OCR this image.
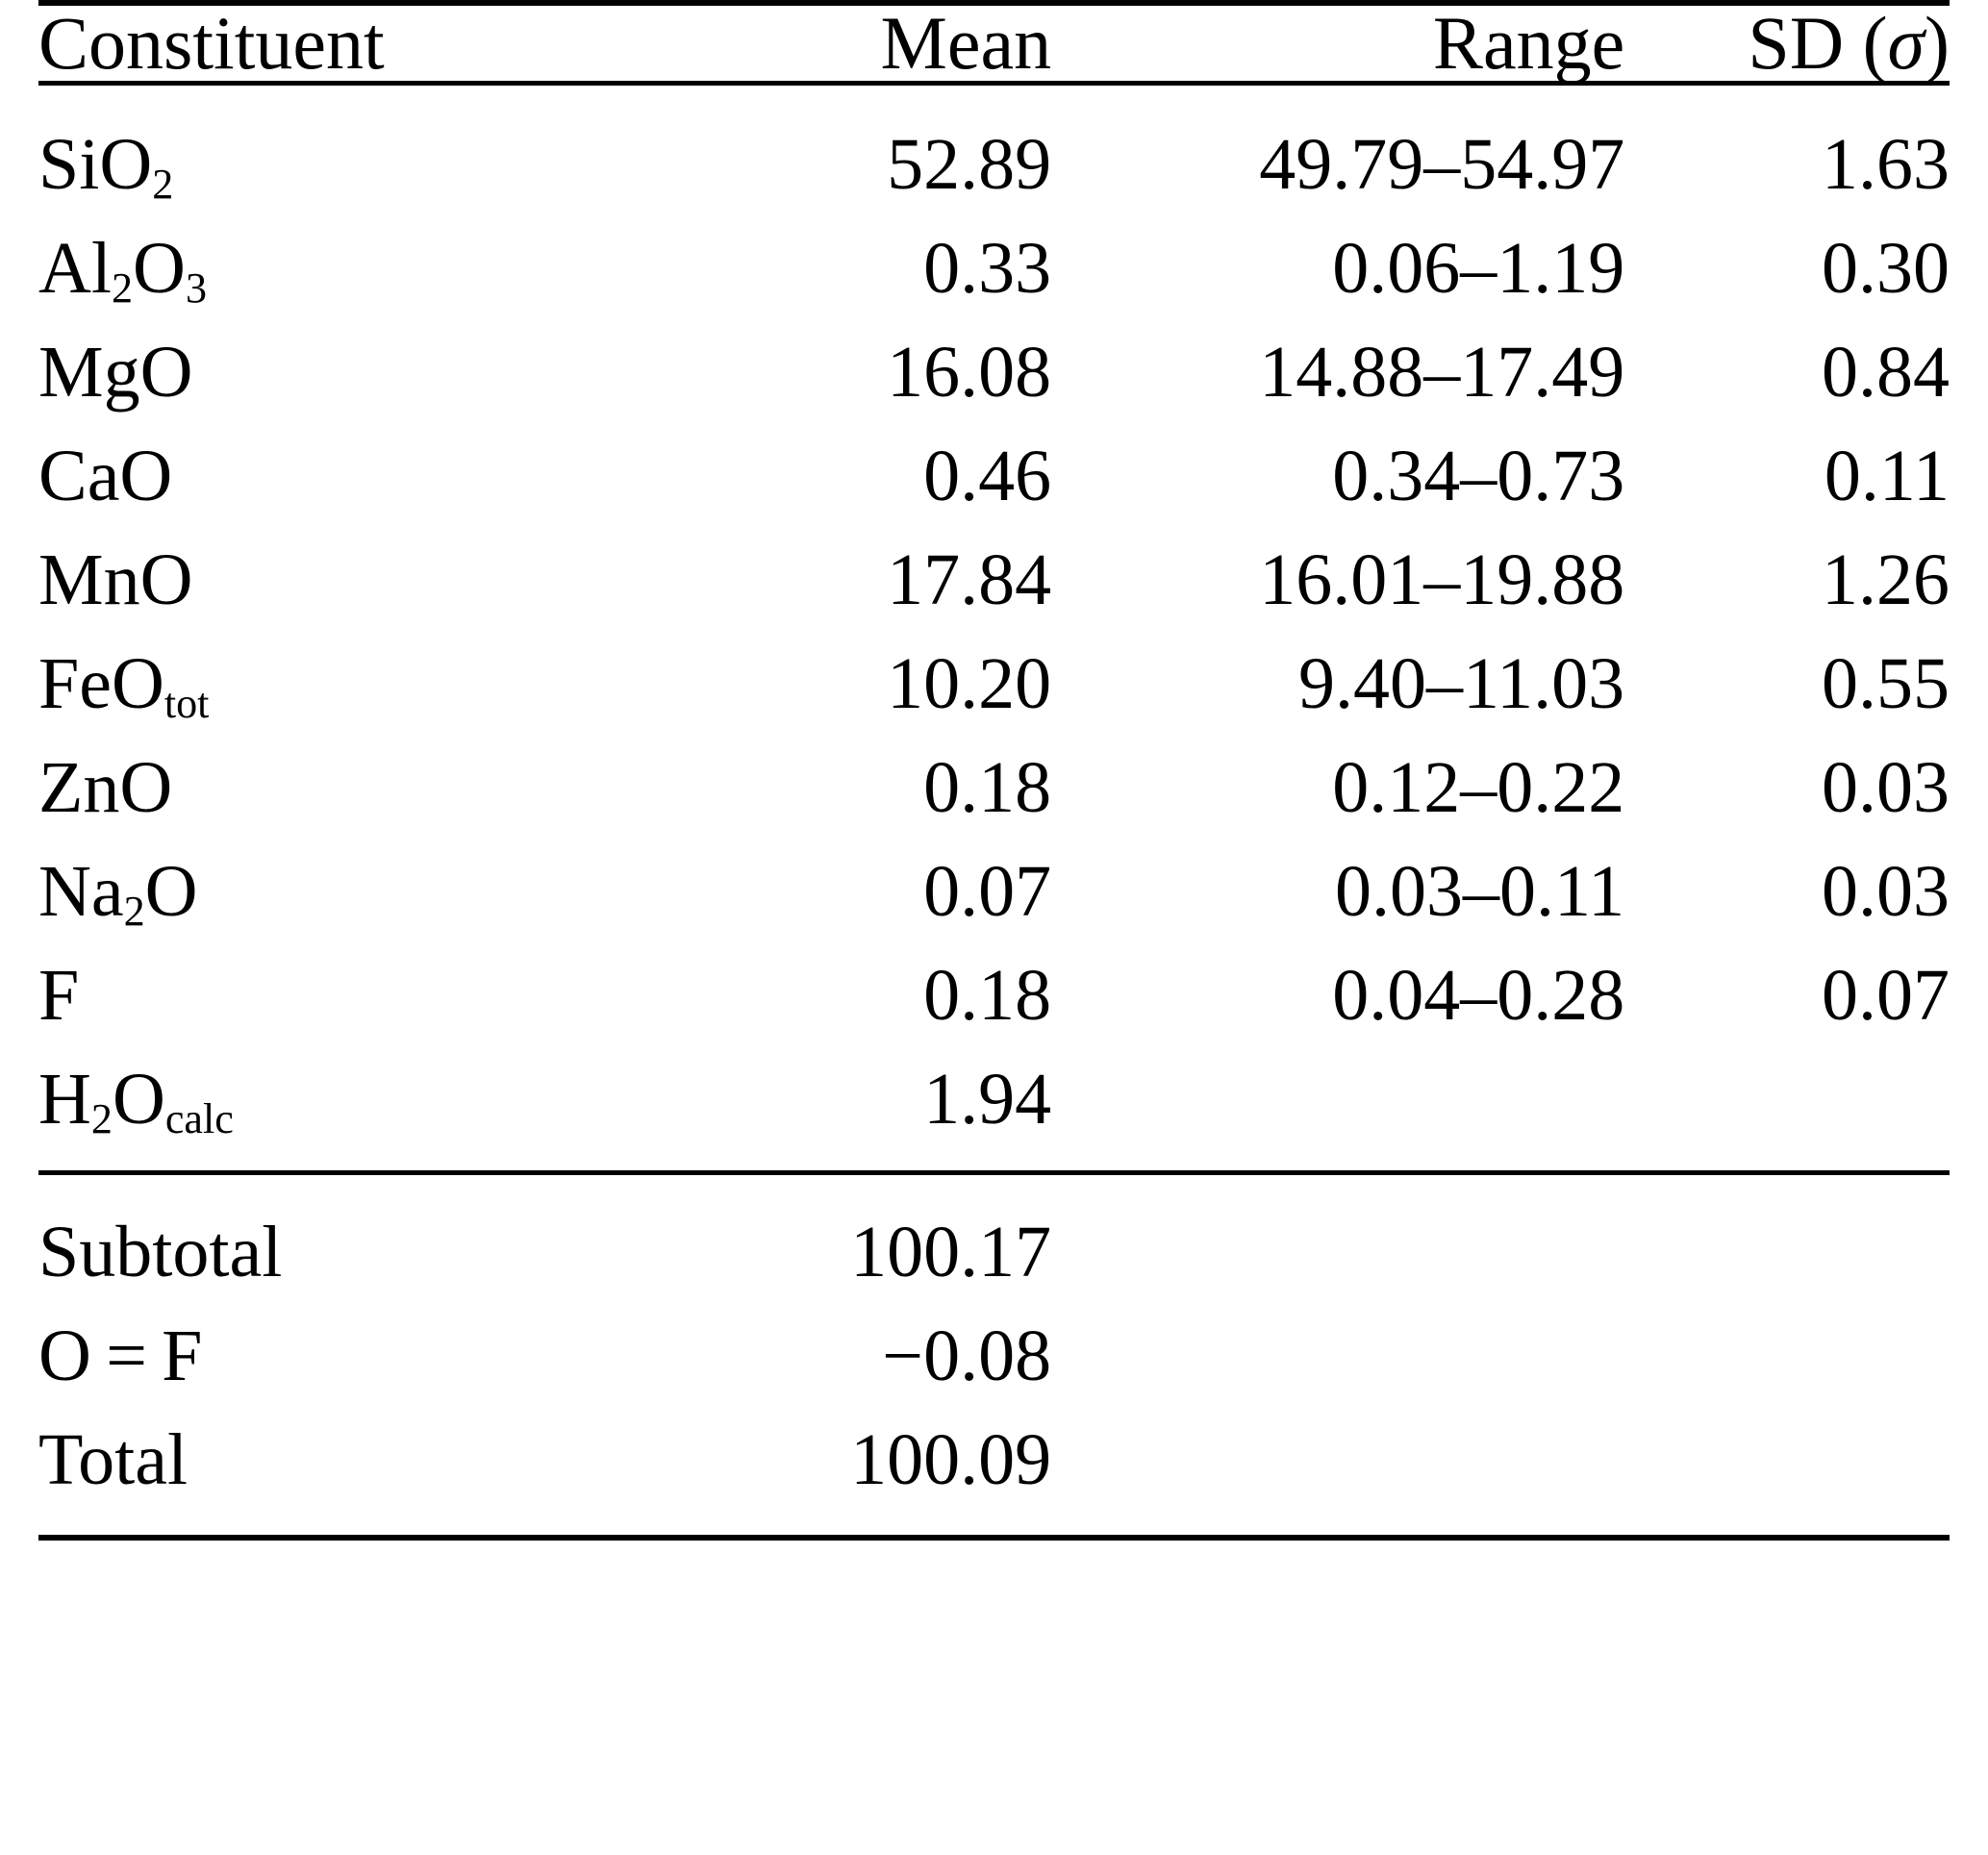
Constituent	Mean	Range	SD (σ)
SiO$_2$	52.89	49.79–54.97	1.63
$Al_2O_3$	0.33	0.06–1.19	0.30
MgO	16.08	14.88–17.49	0.84
CaO	0.46	0.34–0.73	0.11
MnO	17.84	16.01–19.88	1.26
FeO$_{tot}$	10.20	9.40–11.03	0.55
ZnO	0.18	0.12–0.22	0.03
$Na_2O$	0.07	0.03–0.11	0.03
F	0.18	0.04–0.28	0.07
$H_2O_{calc}$	1.94		
Subtotal	100.17		
O = F	−0.08		
Total	100.09		
